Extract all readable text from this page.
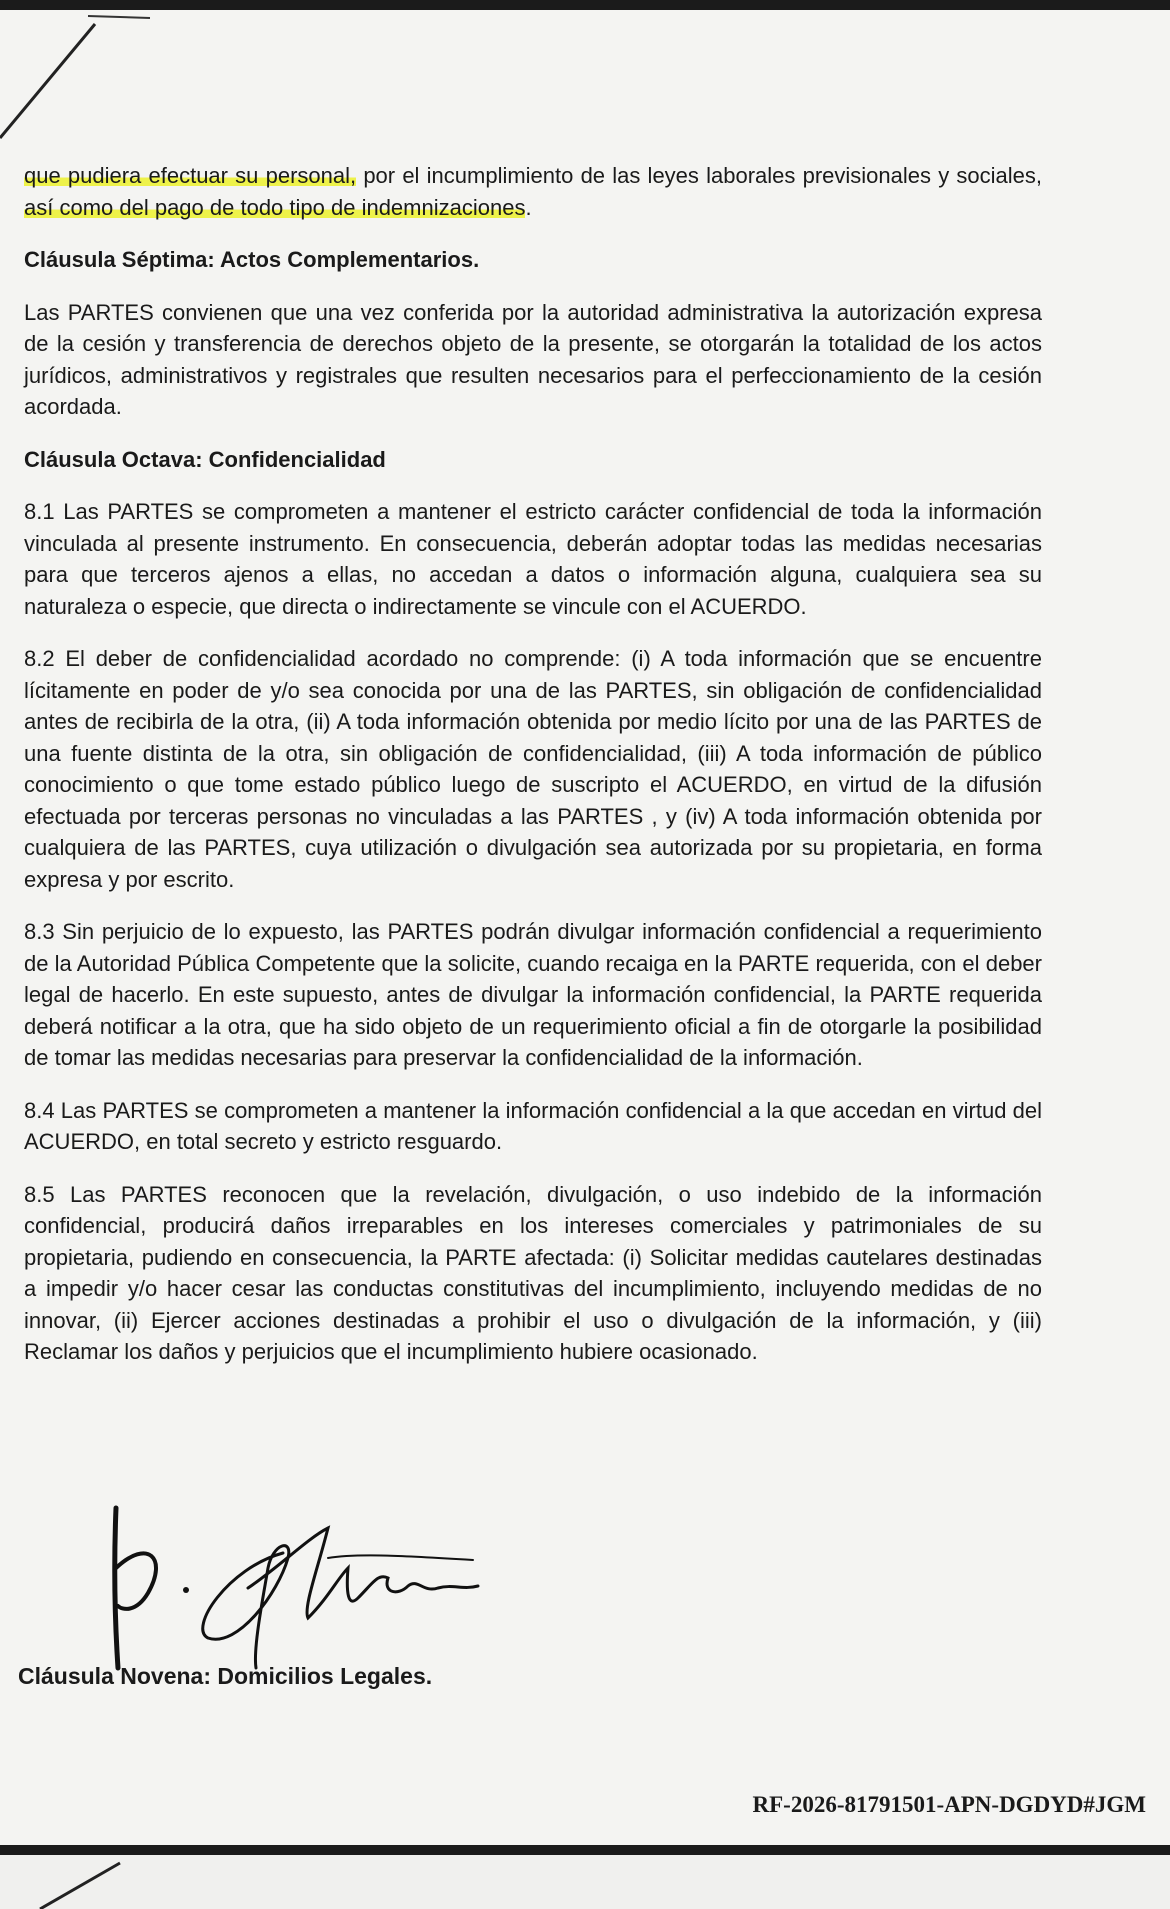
que pudiera efectuar su personal, por el incumplimiento de las leyes laborales previsionales y sociales, así como del pago de todo tipo de indemnizaciones.

Cláusula Séptima: Actos Complementarios.

Las PARTES convienen que una vez conferida por la autoridad administrativa la autorización expresa de la cesión y transferencia de derechos objeto de la presente, se otorgarán la totalidad de los actos jurídicos, administrativos y registrales que resulten necesarios para el perfeccionamiento de la cesión acordada.

Cláusula Octava: Confidencialidad

8.1 Las PARTES se comprometen a mantener el estricto carácter confidencial de toda la información vinculada al presente instrumento. En consecuencia, deberán adoptar todas las medidas necesarias para que terceros ajenos a ellas, no accedan a datos o información alguna, cualquiera sea su naturaleza o especie, que directa o indirectamente se vincule con el ACUERDO.

8.2 El deber de confidencialidad acordado no comprende: (i) A toda información que se encuentre lícitamente en poder de y/o sea conocida por una de las PARTES, sin obligación de confidencialidad antes de recibirla de la otra, (ii) A toda información obtenida por medio lícito por una de las PARTES de una fuente distinta de la otra, sin obligación de confidencialidad, (iii) A toda información de público conocimiento o que tome estado público luego de suscripto el ACUERDO, en virtud de la difusión efectuada por terceras personas no vinculadas a las PARTES , y (iv) A toda información obtenida por cualquiera de las PARTES, cuya utilización o divulgación sea autorizada por su propietaria, en forma expresa y por escrito.

8.3 Sin perjuicio de lo expuesto, las PARTES podrán divulgar información confidencial a requerimiento de la Autoridad Pública Competente que la solicite, cuando recaiga en la PARTE requerida, con el deber legal de hacerlo. En este supuesto, antes de divulgar la información confidencial, la PARTE requerida deberá notificar a la otra, que ha sido objeto de un requerimiento oficial a fin de otorgarle la posibilidad de tomar las medidas necesarias para preservar la confidencialidad de la información.

8.4 Las PARTES se comprometen a mantener la información confidencial a la que accedan en virtud del ACUERDO, en total secreto y estricto resguardo.

8.5 Las PARTES reconocen que la revelación, divulgación, o uso indebido de la información confidencial, producirá daños irreparables en los intereses comerciales y patrimoniales de su propietaria, pudiendo en consecuencia, la PARTE afectada: (i) Solicitar medidas cautelares destinadas a impedir y/o hacer cesar las conductas constitutivas del incumplimiento, incluyendo medidas de no innovar, (ii) Ejercer acciones destinadas a prohibir el uso o divulgación de la información, y (iii) Reclamar los daños y perjuicios que el incumplimiento hubiere ocasionado.

Cláusula Novena: Domicilios Legales.
RF-2026-81791501-APN-DGDYD#JGM
